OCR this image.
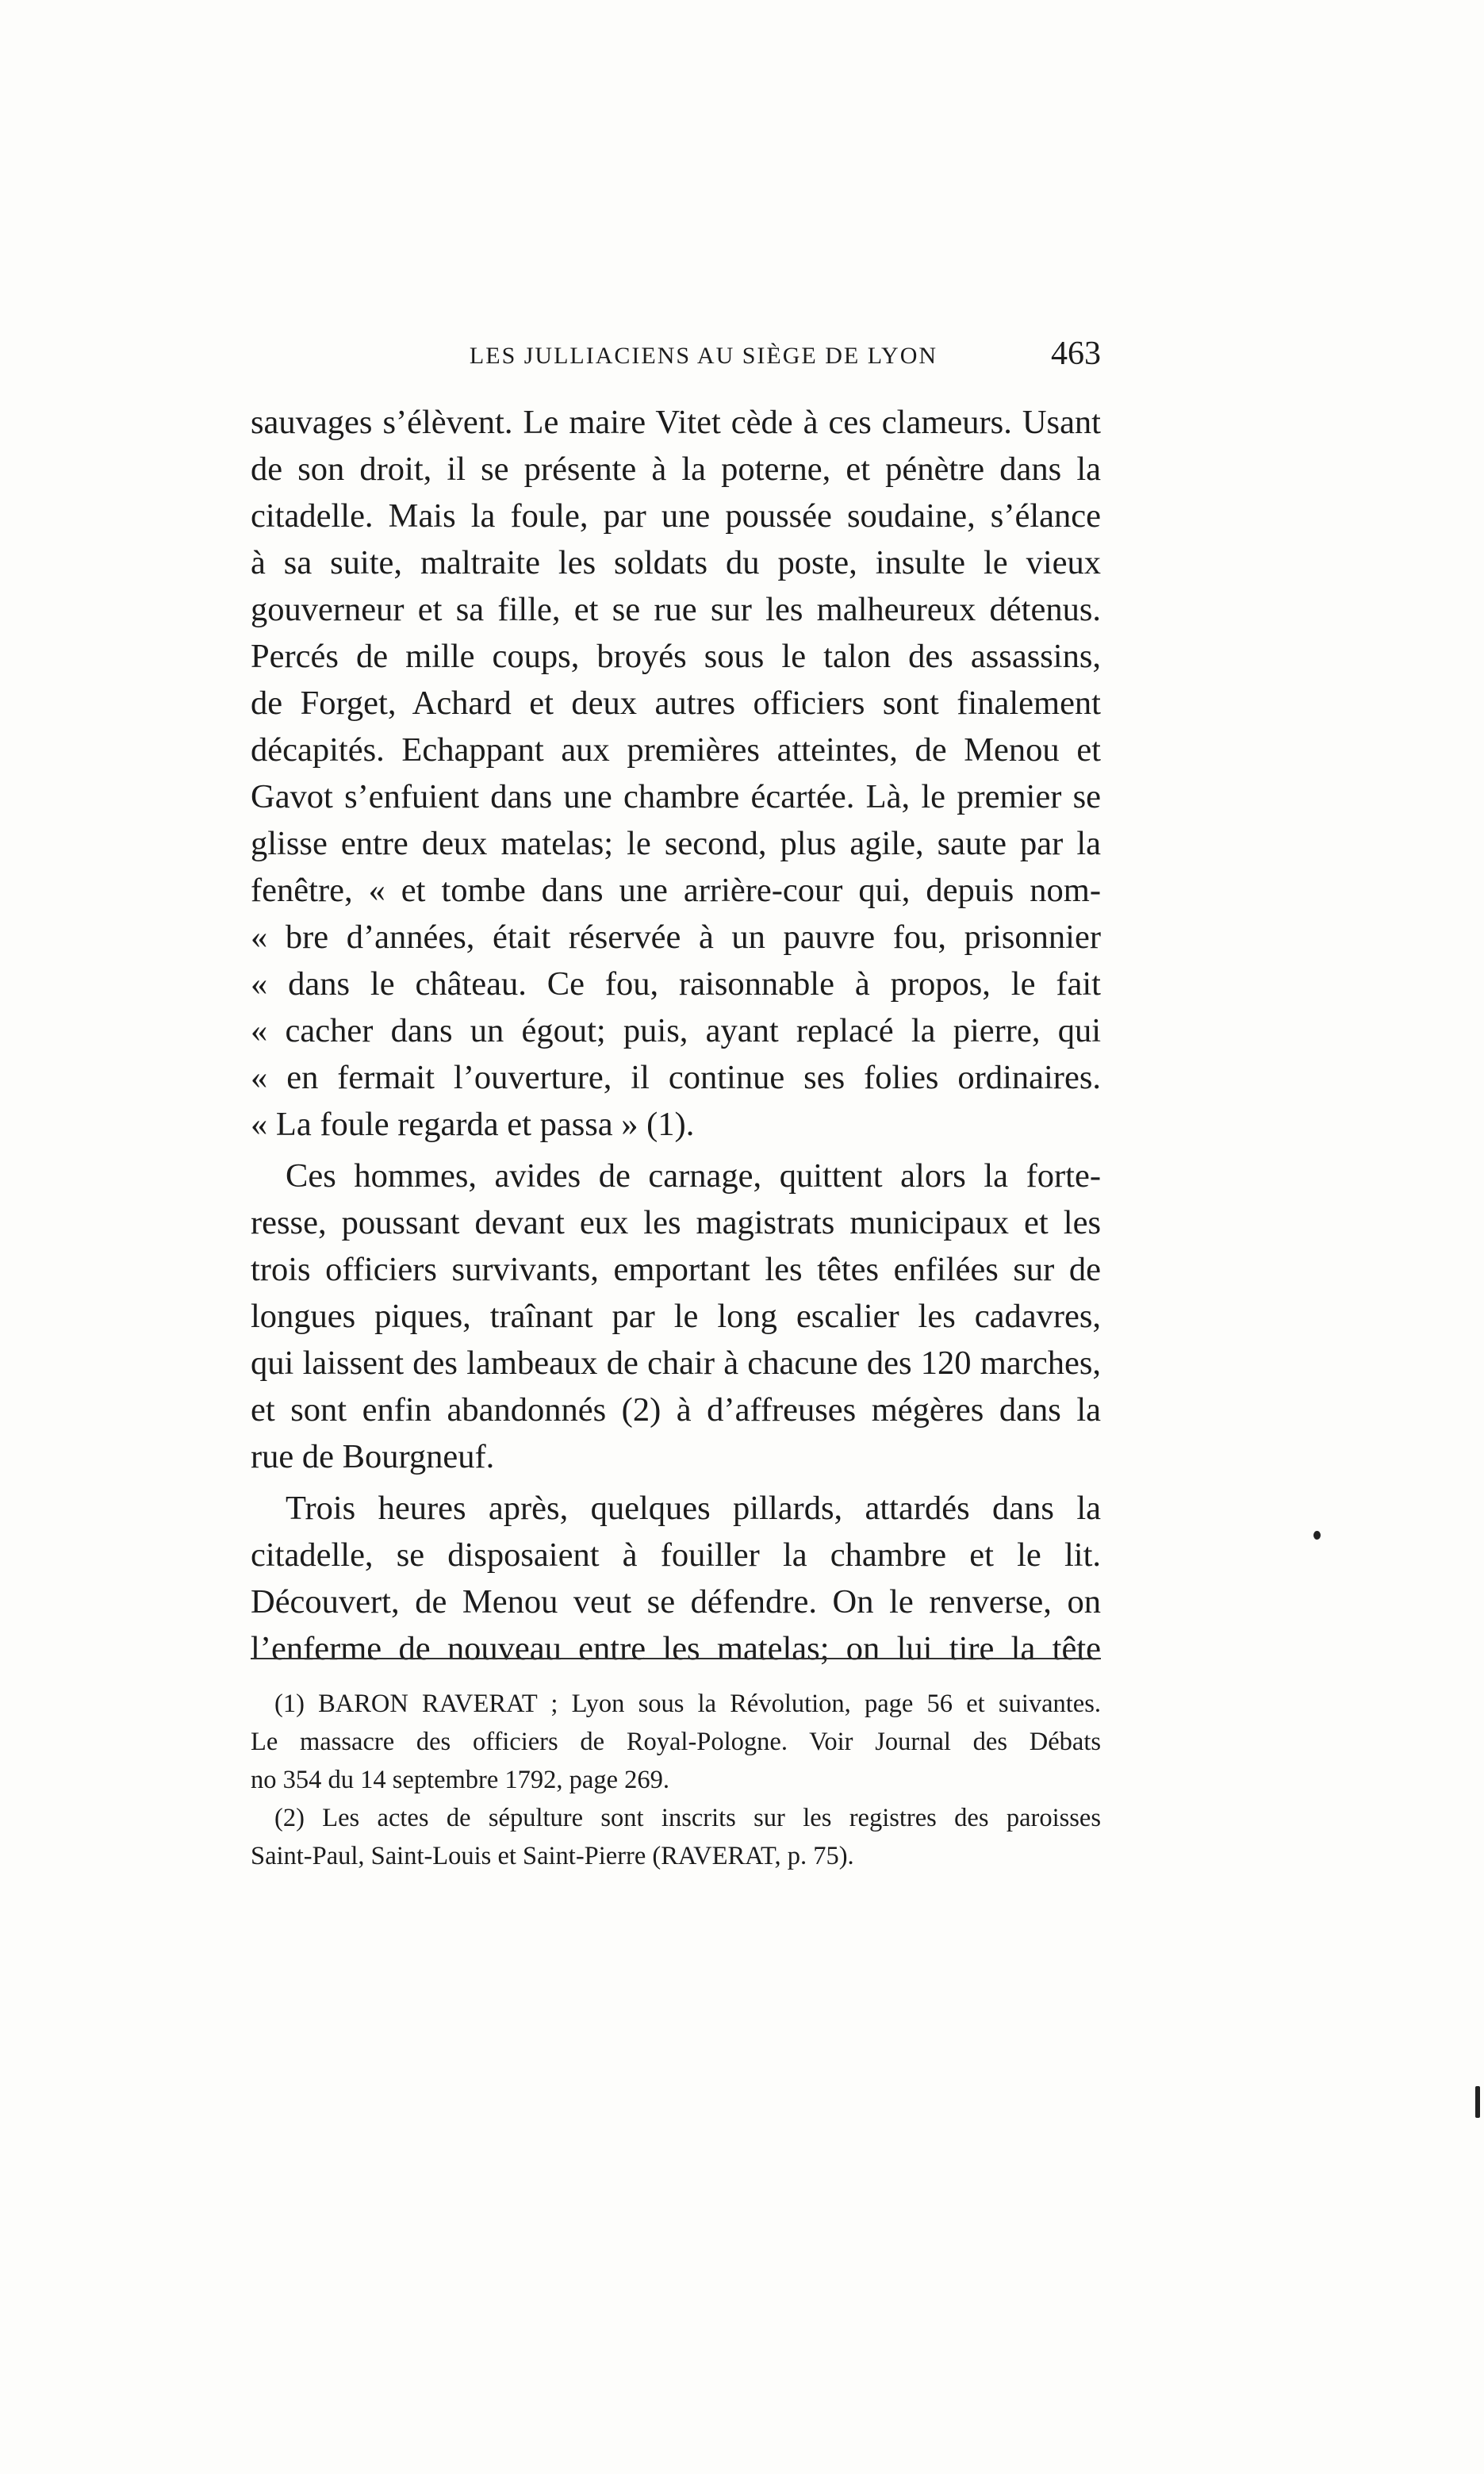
LES JULLIACIENS AU SIÈGE DE LYON	463
sauvages s’élèvent. Le maire Vitet cède à ces clameurs. Usant
de son droit, il se présente à la poterne, et pénètre dans la
citadelle. Mais la foule, par une poussée soudaine, s’élance
à sa suite, maltraite les soldats du poste, insulte le vieux
gouverneur et sa fille, et se rue sur les malheureux détenus.
Percés de mille coups, broyés sous le talon des assassins,
de Forget, Achard et deux autres officiers sont finalement
décapités. Echappant aux premières atteintes, de Menou et
Gavot s’enfuient dans une chambre écartée. Là, le premier se
glisse entre deux matelas; le second, plus agile, saute par la
fenêtre, « et tombe dans une arrière-cour qui, depuis nom-
« bre d’années, était réservée à un pauvre fou, prisonnier
« dans le château. Ce fou, raisonnable à propos, le fait
« cacher dans un égout; puis, ayant replacé la pierre, qui
« en fermait l’ouverture, il continue ses folies ordinaires.
« La foule regarda et passa » (1).
Ces hommes, avides de carnage, quittent alors la forte-
resse, poussant devant eux les magistrats municipaux et les
trois officiers survivants, emportant les têtes enfilées sur de
longues piques, traînant par le long escalier les cadavres,
qui laissent des lambeaux de chair à chacune des 120 marches,
et sont enfin abandonnés (2) à d’affreuses mégères dans la
rue de Bourgneuf.
Trois heures après, quelques pillards, attardés dans la
citadelle, se disposaient à fouiller la chambre et le lit.
Découvert, de Menou veut se défendre. On le renverse, on
l’enferme de nouveau entre les matelas; on lui tire la tête
(1) BARON RAVERAT ; Lyon sous la Révolution, page 56 et suivantes.
Le massacre des officiers de Royal-Pologne. Voir Journal des Débats
no 354 du 14 septembre 1792, page 269.
(2) Les actes de sépulture sont inscrits sur les registres des paroisses
Saint-Paul, Saint-Louis et Saint-Pierre (RAVERAT, p. 75).
